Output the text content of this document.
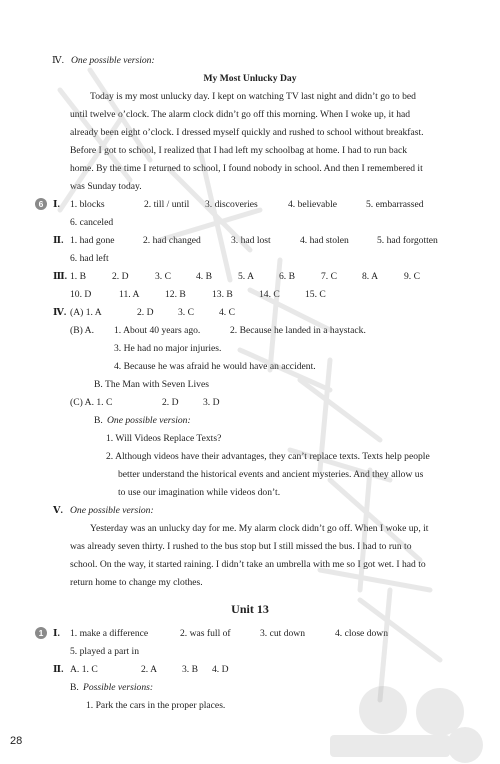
Ⅳ. One possible version:
My Most Unlucky Day
Today is my most unlucky day. I kept on watching TV last night and didn’t go to bed
until twelve o’clock. The alarm clock didn’t go off this morning. When I woke up, it had
already been eight o’clock. I dressed myself quickly and rushed to school without breakfast.
Before I got to school, I realized that I had left my schoolbag at home. I had to run back
home. By the time I returned to school, I found nobody in school. And then I remembered it
was Sunday today.
6	Ⅰ. 1. blocks	2. till / until 3. discoveries	4. believable	5. embarrassed
6. canceled
Ⅱ. 1. had gone	2. had changed	3. had lost	4. had stolen	5. had forgotten
6. had left
Ⅲ. 1. B	2. D	3. C	4. B	5. A	6. B	7. C	8. A	9. C
10. D	11. A	12. B	13. B	14. C	15. C
Ⅳ. (A) 1. A	2. D	3. C	4. C
(B) A. 1. About 40 years ago.	2. Because he landed in a haystack.
3. He had no major injuries.
4. Because he was afraid he would have an accident.
B. The Man with Seven Lives
(C) A. 1. C	2. D	3. D
B. One possible version:
1. Will Videos Replace Texts?
2. Although videos have their advantages, they can’t replace texts. Texts help people
better understand the historical events and ancient mysteries. And they allow us
to use our imagination while videos don’t.
Ⅴ. One possible version:
Yesterday was an unlucky day for me. My alarm clock didn’t go off. When I woke up, it
was already seven thirty. I rushed to the bus stop but I still missed the bus. I had to run to
school. On the way, it started raining. I didn’t take an umbrella with me so I got wet. I had to
return home to change my clothes.
Unit 13
1	Ⅰ. 1. make a difference	2. was full of	3. cut down	4. close down
5. played a part in
Ⅱ. A. 1. C	2. A	3. B 4. D
B. Possible versions:
1. Park the cars in the proper places.
28
